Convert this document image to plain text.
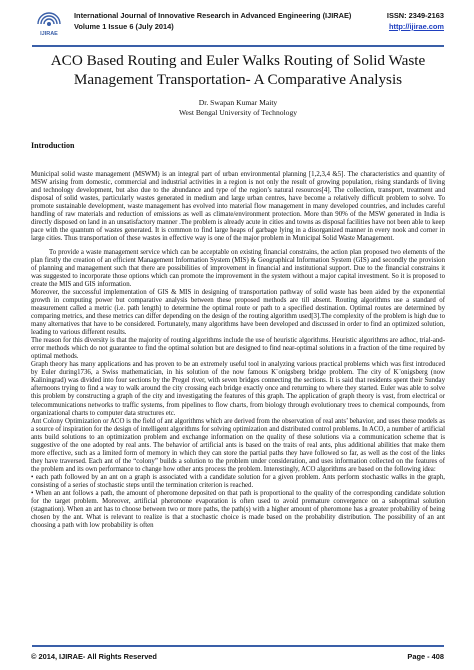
IJIRAE
International Journal of Innovative Research in Advanced Engineering (IJIRAE)
Volume 1 Issue 6 (July 2014)
ISSN: 2349-2163
http://ijirae.com
ACO Based Routing and Euler Walks Routing of Solid Waste
Management Transportation- A Comparative Analysis
Dr. Swapan Kumar Maity
West Bengal University of Technology
Introduction

Municipal solid waste management (MSWM) is an integral part of urban environmental planning [1,2,3,4 &5]. The characteristics and quantity of MSW arising from domestic, commercial and industrial activities in a region is not only the result of growing population, rising standards of living and technology development, but also due to the abundance and type of the region’s natural resources[4]. The collection, transport, treatment and disposal of solid wastes, particularly wastes generated in medium and large urban centres, have become a relatively difficult problem to solve. To promote sustainable development, waste management has evolved into material flow management in many developed countries, and includes careful handling of raw materials and reduction of emissions as well as climate/environment protection. More than 90% of the MSW generated in India is directly disposed on land in an unsatisfactory manner .The problem is already acute in cities and towns as disposal facilities have not been able to keep pace with the quantum of wastes generated. It is common to find large heaps of garbage lying in a disorganized manner in every nook and corner in large cities. Thus transportation of these wastes in effective way is one of the major problem in Municipal Solid Waste Management.

To provide a waste management service which can be acceptable on existing financial constrains, the action plan proposed two elements of the plan firstly the creation of an efficient Management Information System (MIS) & Geographical Information System (GIS) and secondly the provision of planning and management such that there are possibilities of improvement in financial and institutional support. Due to the financial constrains it was suggested to incorporate those options which can promote the improvement in the system without a major capital investment. So it is proposed to create the MIS and GIS information.

Moreover, the successful implementation of GIS & MIS in designing of transportation pathway of solid waste has been aided by the exponential growth in computing power but comparative analysis between these proposed methods are till absent. Routing algorithms use a standard of measurement called a metric (i.e. path length) to determine the optimal route or path to a specified destination. Optimal routes are determined by comparing metrics, and these metrics can differ depending on the design of the routing algorithm used[3].The complexity of the problem is high due to many alternatives that have to be considered. Fortunately, many algorithms have been developed and discussed in order to find an optimized solution, leading to various different results.

The reason for this diversity is that the majority of routing algorithms include the use of heuristic algorithms. Heuristic algorithms are adhoc, trial-and-error methods which do not guarantee to find the optimal solution but are designed to find near-optimal solutions in a fraction of the time required by optimal methods.

Graph theory has many applications and has proven to be an extremely useful tool in analyzing various practical problems which was first introduced by Euler during1736, a Swiss mathematician, in his solution of the now famous K¨onigsberg bridge problem. The city of K¨onigsberg (now Kaliningrad) was divided into four sections by the Pregel river, with seven bridges connecting the sections. It is said that residents spent their Sunday afternoons trying to find a way to walk around the city crossing each bridge exactly once and returning to where they started. Euler was able to solve this problem by constructing a graph of the city and investigating the features of this graph. The application of graph theory is vast, from electrical or telecommunications networks to traffic systems, from pipelines to flow charts, from biology through evolutionary trees to chemical compounds, from organizational charts to computer data structures etc.

Ant Colony Optimization or ACO is the field of ant algorithms which are derived from the observation of real ants’ behavior, and uses these models as a source of inspiration for the design of intelligent algorithms for solving optimization and distributed control problems. In ACO, a number of artificial ants build solutions to an optimization problem and exchange information on the quality of these solutions via a communication scheme that is suggestive of the one adopted by real ants. The behavior of artificial ants is based on the traits of real ants, plus additional abilities that make them more effective, such as a limited form of memory in which they can store the partial paths they have followed so far, as well as the cost of the links they have traversed. Each ant of the “colony” builds a solution to the problem under consideration, and uses information collected on the features of the problem and its own performance to change how other ants process the problem. Interestingly, ACO algorithms are based on the following idea:

• each path followed by an ant on a graph is associated with a candidate solution for a given problem. Ants perform stochastic walks in the graph, consisting of a series of stochastic steps until the termination criterion is reached.

• When an ant follows a path, the amount of pheromone deposited on that path is proportional to the quality of the corresponding candidate solution for the target problem. Moreover, artificial pheromone evaporation is often used to avoid premature convergence on a suboptimal solution (stagnation). When an ant has to choose between two or more paths, the path(s) with a higher amount of pheromone has a greater probability of being chosen by the ant. What is relevant to realize is that a stochastic choice is made based on the probability distribution. The possibility of an ant choosing a path with low probability is often

© 2014, IJIRAE- All Rights Reserved	Page - 408
